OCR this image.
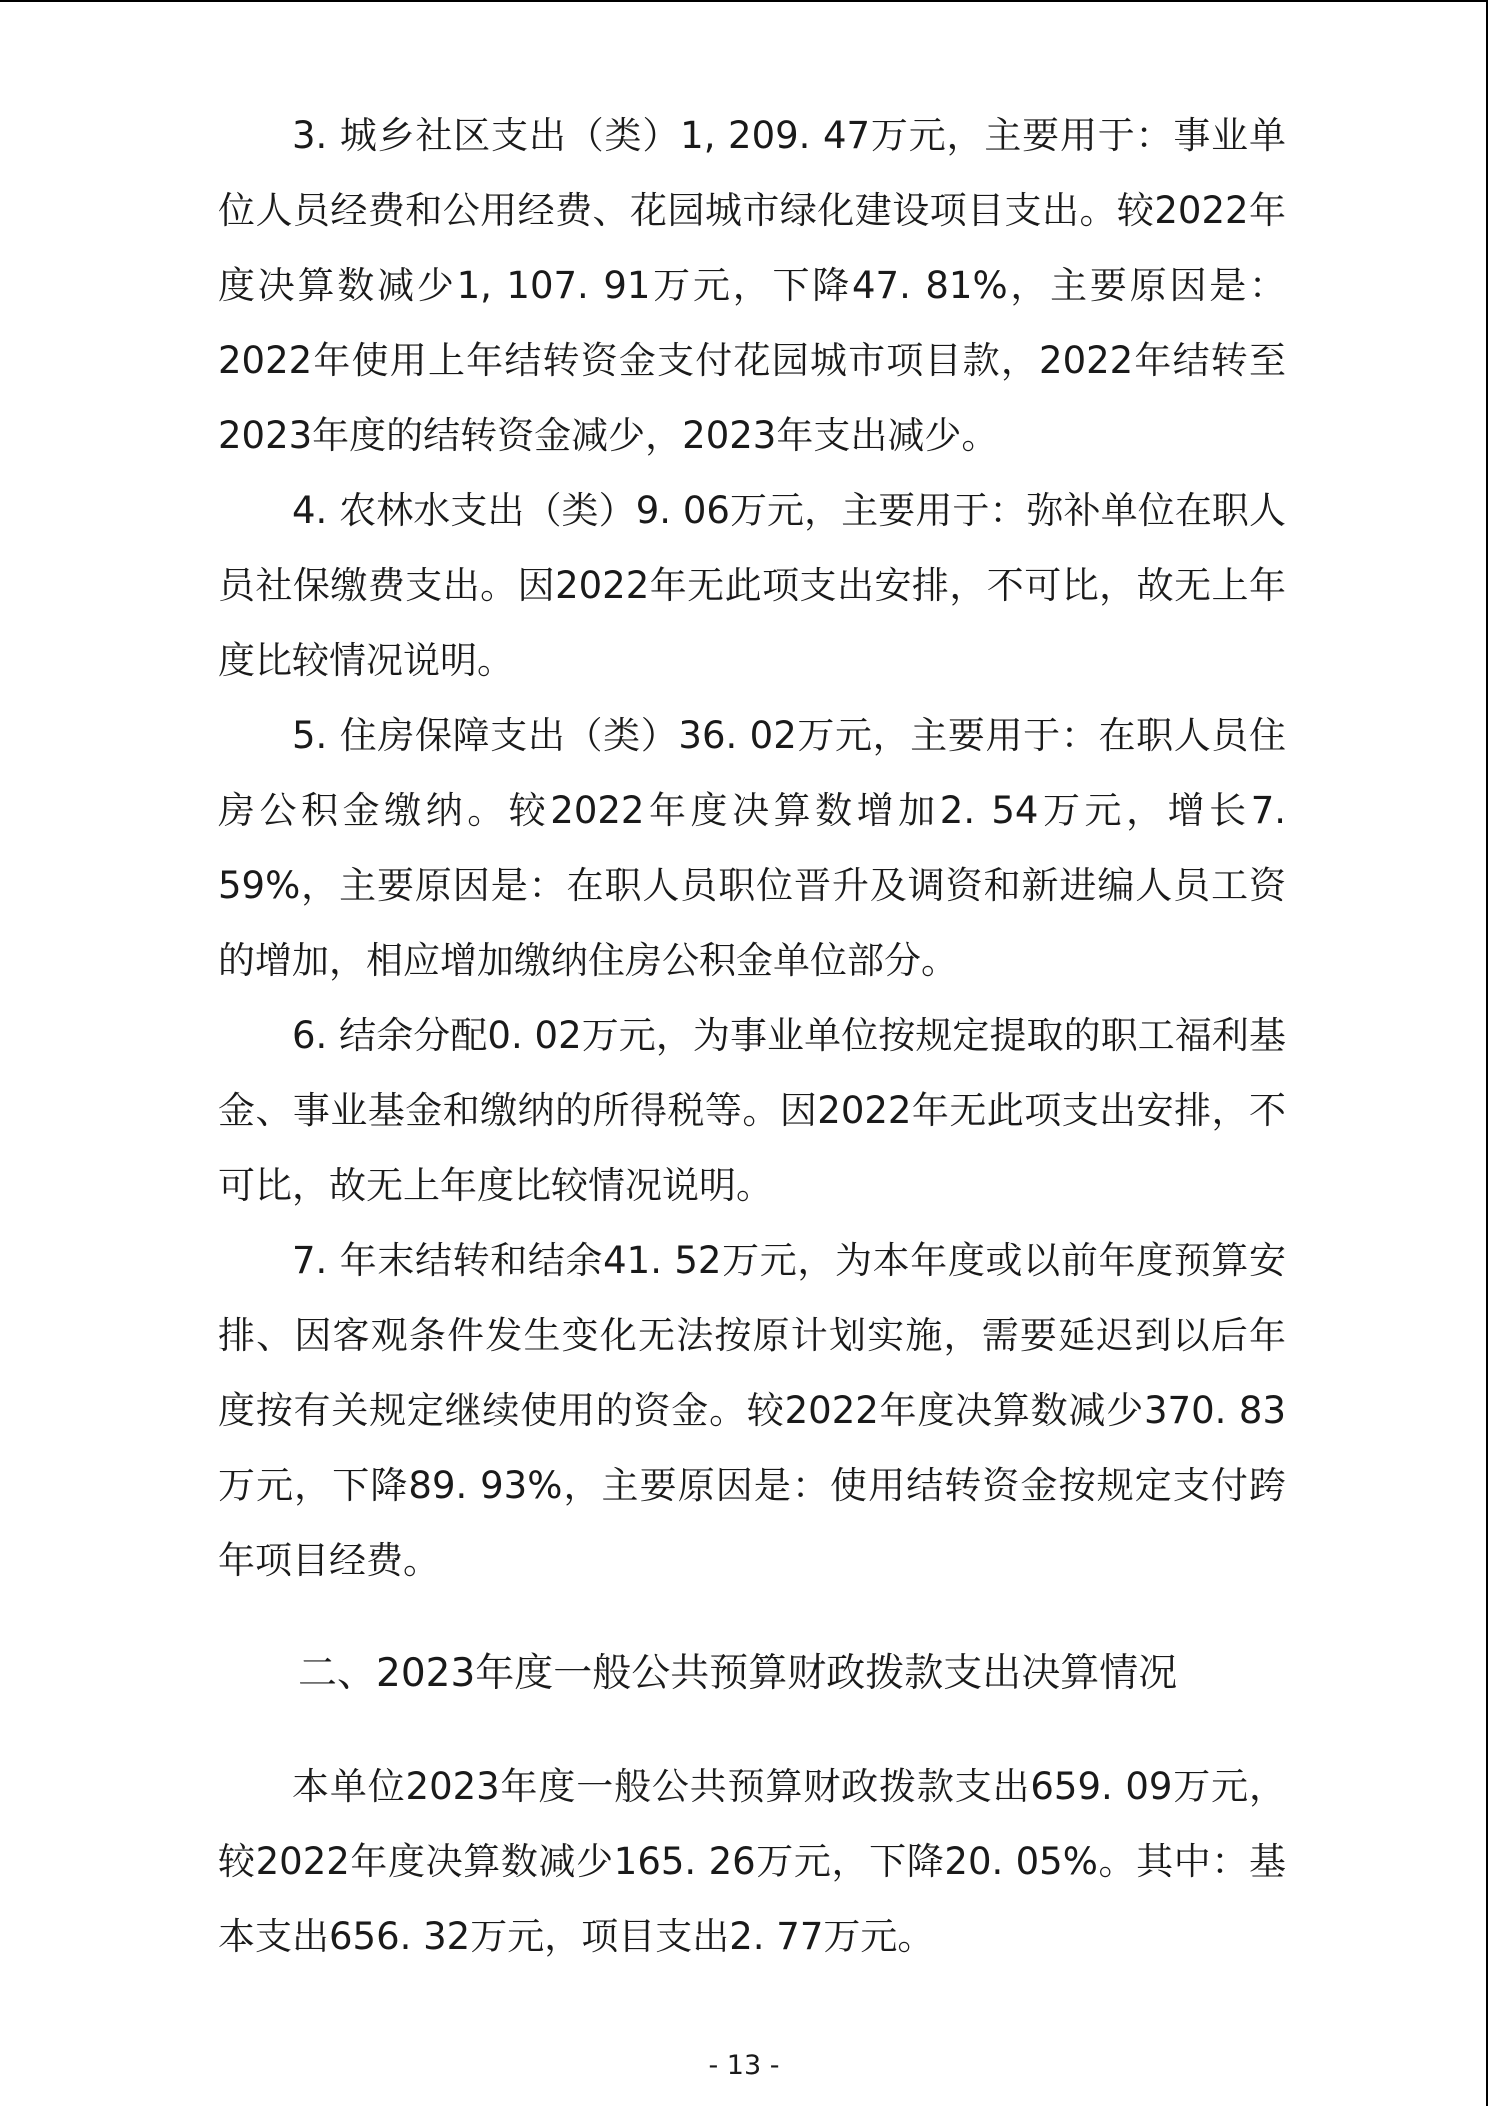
3. 城乡社区支出（类）1, 209. 47万元，主要用于：事业单位人员经费和公用经费、花园城市绿化建设项目支出。较2022年度决算数减少1, 107. 91万元，下降47. 81%，主要原因是：2022年使用上年结转资金支付花园城市项目款，2022年结转至2023年度的结转资金减少，2023年支出减少。

4. 农林水支出（类）9. 06万元，主要用于：弥补单位在职人员社保缴费支出。因2022年无此项支出安排，不可比，故无上年度比较情况说明。

5. 住房保障支出（类）36. 02万元，主要用于：在职人员住房公积金缴纳。较2022年度决算数增加2. 54万元，增长7. 59%，主要原因是：在职人员职位晋升及调资和新进编人员工资的增加，相应增加缴纳住房公积金单位部分。

6. 结余分配0. 02万元，为事业单位按规定提取的职工福利基金、事业基金和缴纳的所得税等。因2022年无此项支出安排，不可比，故无上年度比较情况说明。

7. 年末结转和结余41. 52万元，为本年度或以前年度预算安排、因客观条件发生变化无法按原计划实施，需要延迟到以后年度按有关规定继续使用的资金。较2022年度决算数减少370. 83万元，下降89. 93%，主要原因是：使用结转资金按规定支付跨年项目经费。

二、2023年度一般公共预算财政拨款支出决算情况

本单位2023年度一般公共预算财政拨款支出659. 09万元，较2022年度决算数减少165. 26万元，下降20. 05%。其中：基本支出656. 32万元，项目支出2. 77万元。

- 13 -
